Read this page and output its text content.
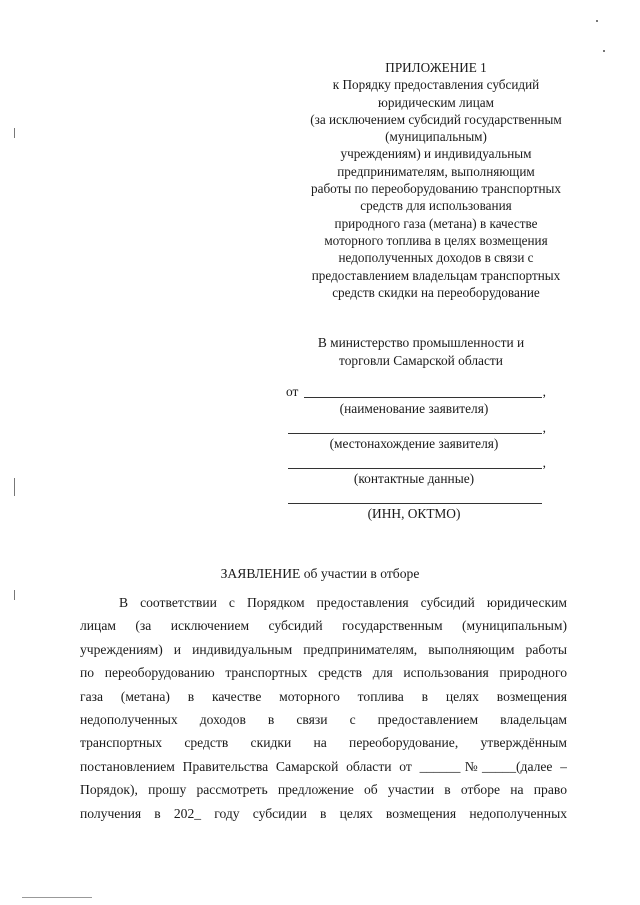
ПРИЛОЖЕНИЕ 1
к Порядку предоставления субсидий
юридическим лицам
(за исключением субсидий государственным
(муниципальным)
учреждениям) и индивидуальным
предпринимателям, выполняющим
работы по переоборудованию транспортных
средств для использования
природного газа (метана) в качестве
моторного топлива в целях возмещения
недополученных доходов в связи с
предоставлением владельцам транспортных
средств скидки на переоборудование
В министерство промышленности и
торговли Самарской области
от	,
(наименование заявителя)
,
(местонахождение заявителя)
,
(контактные данные)
(ИНН, ОКТМО)
ЗАЯВЛЕНИЕ об участии в отборе
В соответствии с Порядком предоставления субсидий юридическим
лицам (за исключением субсидий государственным (муниципальным)
учреждениям) и индивидуальным предпринимателям, выполняющим работы
по переоборудованию транспортных средств для использования природного
газа (метана) в качестве моторного топлива в целях возмещения
недополученных доходов в связи с предоставлением владельцам
транспортных средств скидки на переоборудование, утверждённым
постановлением Правительства Самарской области от ______№_____(далее –
Порядок), прошу рассмотреть предложение об участии в отборе на право
получения в 202_ году субсидии в целях возмещения недополученных
